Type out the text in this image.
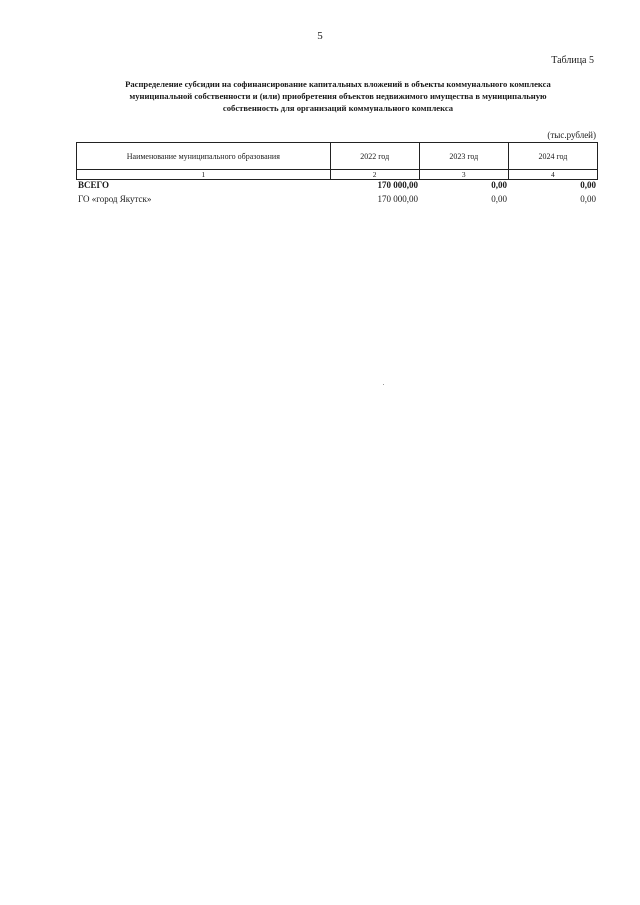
5
Таблица 5
Распределение субсидии на софинансирование капитальных вложений в объекты коммунального комплекса
муниципальной собственности и (или) приобретения объектов недвижимого имущества в муниципальную
собственность для организаций коммунального комплекса
(тыс.рублей)
Наименование муниципального образования	2022 год	2023 год	2024 год
1	2	3	4
ВСЕГО	170 000,00	0,00	0,00
ГО «город Якутск»	170 000,00	0,00	0,00
